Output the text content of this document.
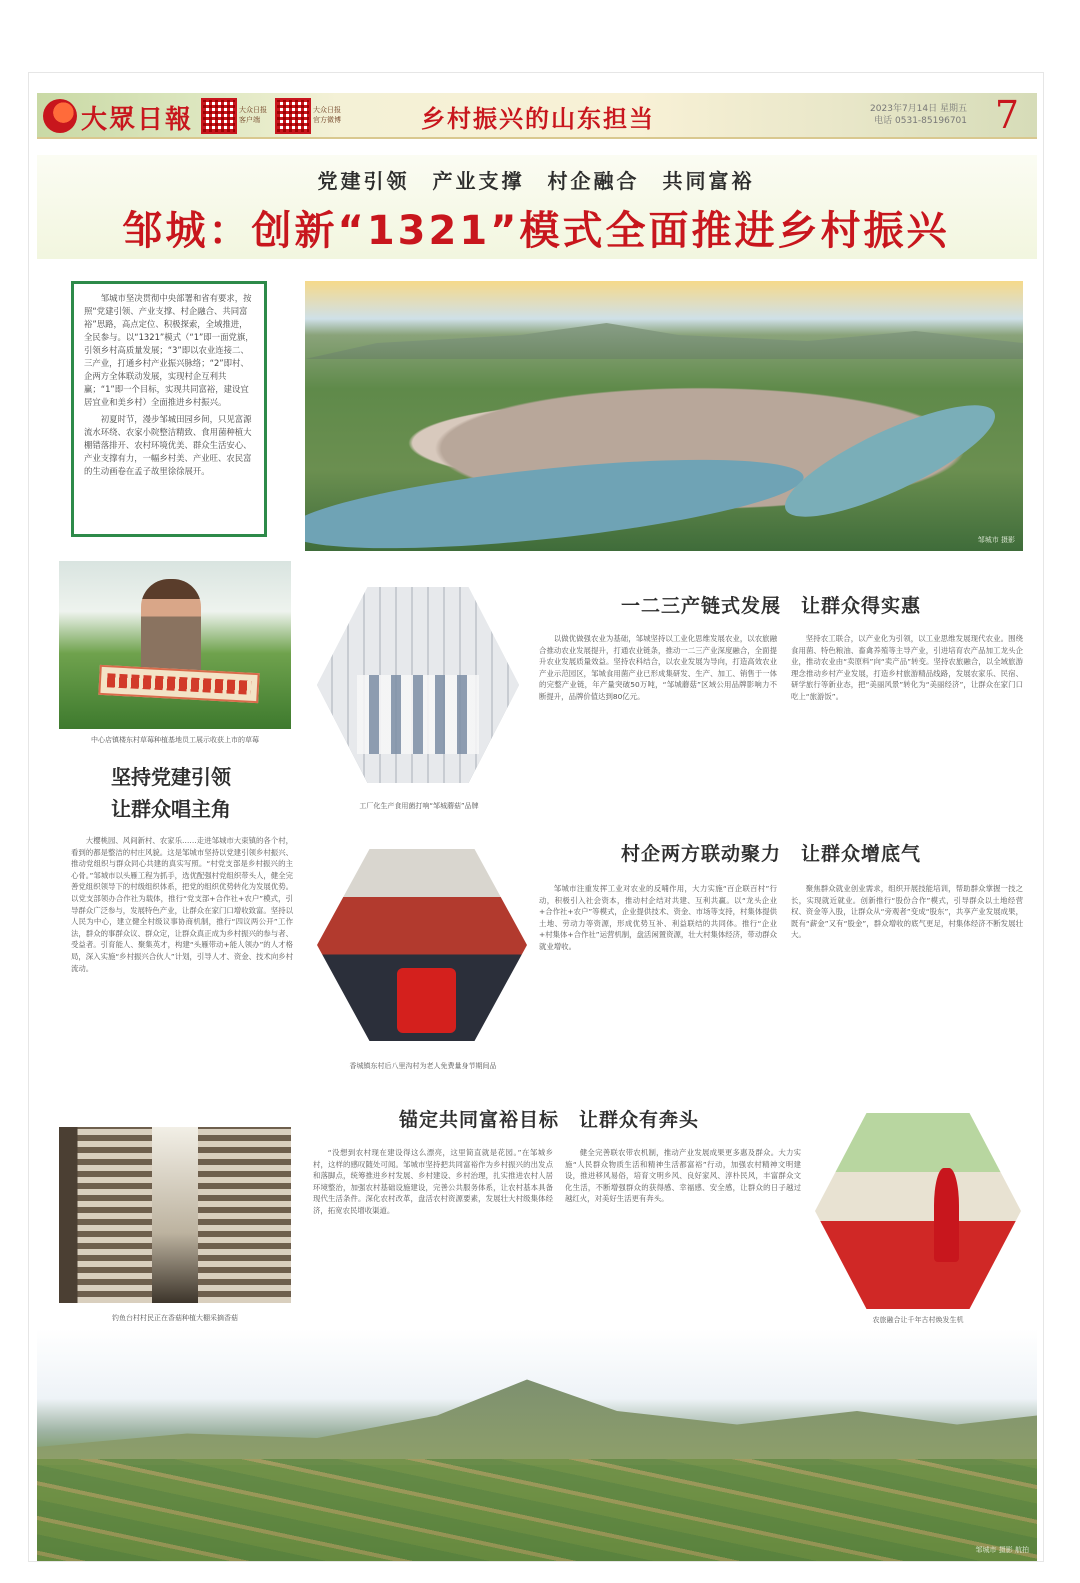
大眾日報	大众日报客户端
大众日报官方微博	乡村振兴的山东担当	2023年7月14日 星期五
电话 0531-85196701 7
党建引领　产业支撑　村企融合　共同富裕
邹城：创新“1321”模式全面推进乡村振兴

邹城市坚决贯彻中央部署和省有要求，按照“党建引领、产业支撑、村企融合、共同富裕”思路，高点定位、积极探索，全域推进，全民参与。以“1321”模式（“1”即一面党旗，引领乡村高质量发展；“3”即以农业连接二、三产业，打通乡村产业振兴脉络；“2”即村、企两方全体联动发展，实现村企互利共赢；“1”即一个目标，实现共同富裕，建设宜居宜业和美乡村）全面推进乡村振兴。

初夏时节，漫步邹城田园乡间，只见富源流水环绕、农家小院整洁精致、食用菌种植大棚错落排开、农村环境优美、群众生活安心、产业支撑有力，一幅乡村美、产业旺、农民富的生动画卷在孟子故里徐徐展开。

邹城市 摄影
中心店镇楼东村草莓种植基地员工展示收获上市的草莓
坚持党建引领
让群众唱主角

大樱桃园、风间新村、农家乐……走进邹城市大束镇的各个村，看到的都是整洁的村庄风貌。这是邹城市坚持以党建引领乡村振兴、推动党组织与群众同心共建的真实写照。“村党支部是乡村振兴的主心骨。”邹城市以头雁工程为抓手，选优配强村党组织带头人，健全完善党组织领导下的村级组织体系，把党的组织优势转化为发展优势。以党支部领办合作社为载体，推行“党支部+合作社+农户”模式，引导群众广泛参与，发展特色产业，让群众在家门口增收致富。坚持以人民为中心，建立健全村级议事协商机制，推行“四议两公开”工作法，群众的事群众议、群众定，让群众真正成为乡村振兴的参与者、受益者。引育能人、聚集英才，构建“头雁带动+能人领办”的人才格局，深入实施“乡村振兴合伙人”计划，引导人才、资金、技术向乡村流动。

工厂化生产食用菌打响“邹城蘑菇”品牌
一二三产链式发展　让群众得实惠

以做优做强农业为基础，邹城坚持以工业化思维发展农业，以农旅融合推动农业发展提升，打通农业链条，推动一二三产业深度融合，全面提升农业发展质量效益。坚持农科结合，以农业发展为导向，打造高效农业产业示范园区，邹城食用菌产业已形成集研发、生产、加工、销售于一体的完整产业链，年产量突破50万吨，“邹城蘑菇”区域公用品牌影响力不断提升，品牌价值达到80亿元。

坚持农工联合，以产业化为引领，以工业思维发展现代农业。围绕食用菌、特色粮油、畜禽养殖等主导产业，引进培育农产品加工龙头企业，推动农业由“卖原料”向“卖产品”转变。坚持农旅融合，以全域旅游理念推动乡村产业发展，打造乡村旅游精品线路，发展农家乐、民宿、研学旅行等新业态，把“美丽风景”转化为“美丽经济”，让群众在家门口吃上“旅游饭”。

香城镇东村后八里沟村为老人免费量身节期间品
村企两方联动聚力　让群众增底气

邹城市注重发挥工业对农业的反哺作用，大力实施“百企联百村”行动，积极引入社会资本，推动村企结对共建、互利共赢。以“龙头企业+合作社+农户”等模式，企业提供技术、资金、市场等支持，村集体提供土地、劳动力等资源，形成优势互补、利益联结的共同体。推行“企业+村集体+合作社”运营机制，盘活闲置资源，壮大村集体经济，带动群众就业增收。

聚焦群众就业创业需求，组织开展技能培训，帮助群众掌握一技之长，实现就近就业。创新推行“股份合作”模式，引导群众以土地经营权、资金等入股，让群众从“旁观者”变成“股东”，共享产业发展成果，既有“薪金”又有“股金”，群众增收的底气更足，村集体经济不断发展壮大。

钓鱼台村村民正在香菇种植大棚采摘香菇
锚定共同富裕目标　让群众有奔头

“没想到农村现在建设得这么漂亮，这里简直就是花园。”在邹城乡村，这样的感叹随处可闻。邹城市坚持把共同富裕作为乡村振兴的出发点和落脚点，统筹推进乡村发展、乡村建设、乡村治理，扎实推进农村人居环境整治，加强农村基础设施建设，完善公共服务体系，让农村基本具备现代生活条件。深化农村改革，盘活农村资源要素，发展壮大村级集体经济，拓宽农民增收渠道。

健全完善联农带农机制，推动产业发展成果更多惠及群众。大力实施“人民群众物质生活和精神生活都富裕”行动，加强农村精神文明建设，推进移风易俗，培育文明乡风、良好家风、淳朴民风，丰富群众文化生活，不断增强群众的获得感、幸福感、安全感，让群众的日子越过越红火，对美好生活更有奔头。

农旅融合让千年古村焕发生机
邹城市 摄影 航拍
